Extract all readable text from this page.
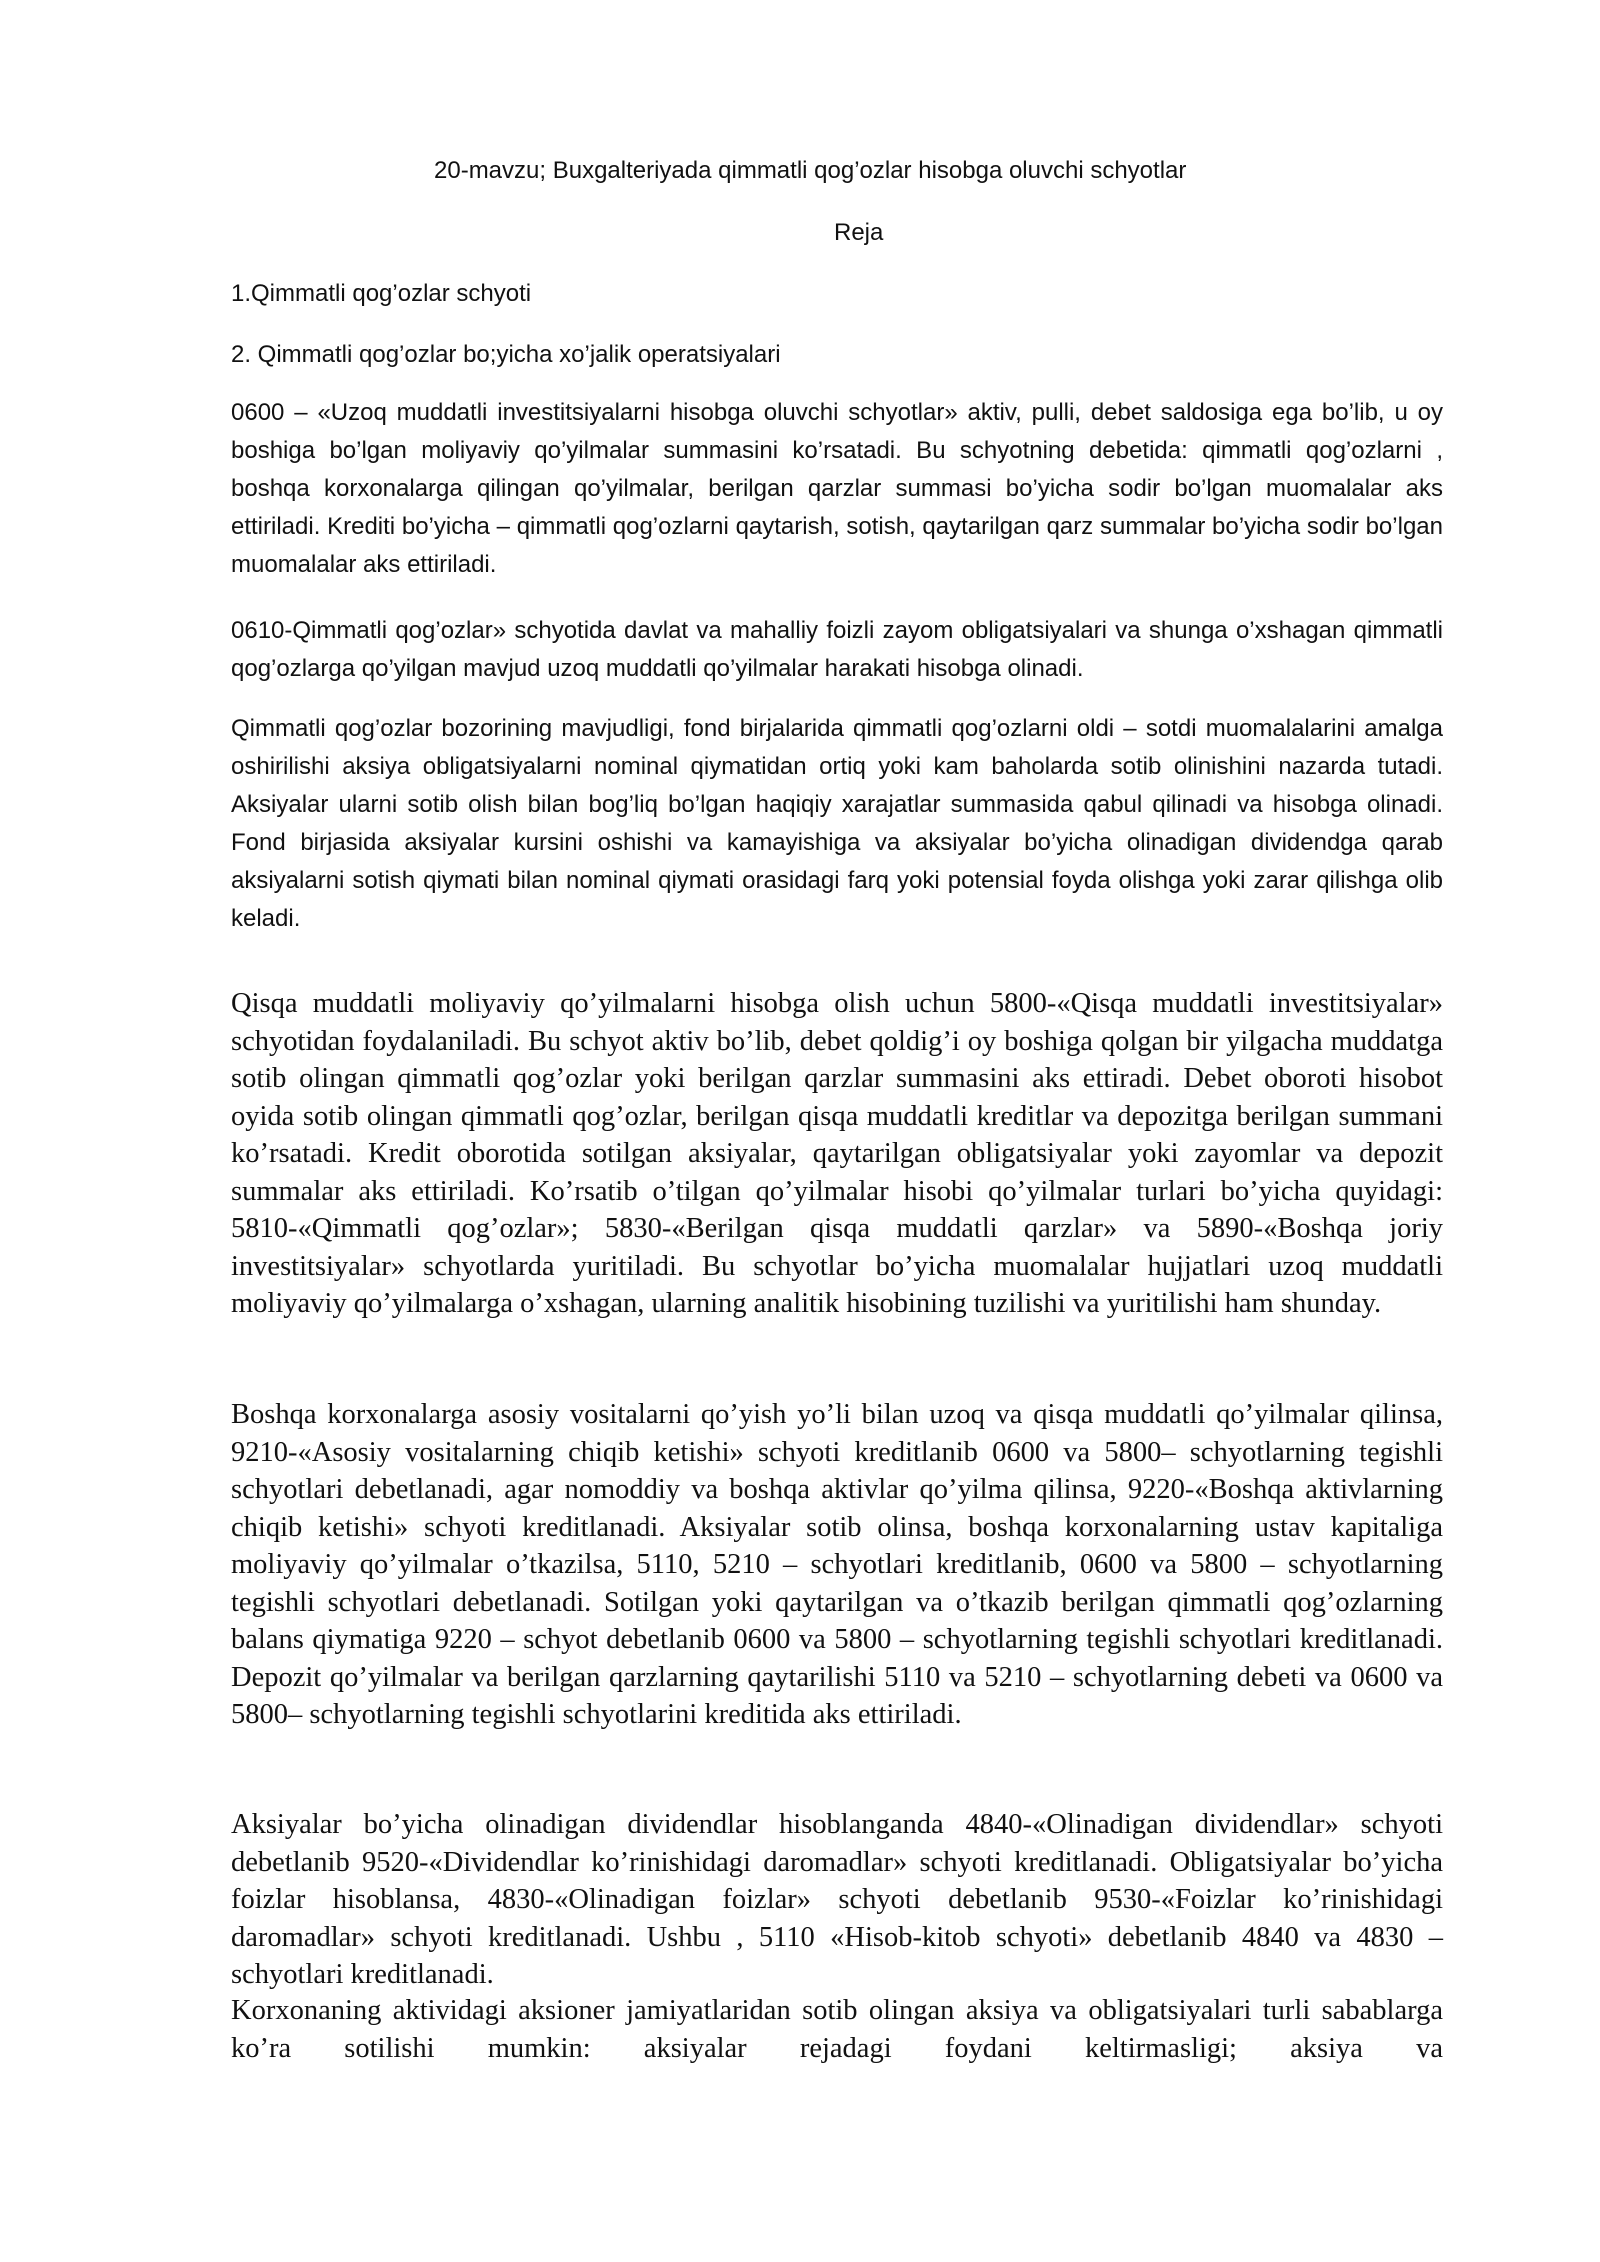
20-mavzu; Buxgalteriyada qimmatli qog’ozlar hisobga oluvchi schyotlar
Reja
1.Qimmatli qog’ozlar schyoti
2. Qimmatli qog’ozlar bo;yicha xo’jalik operatsiyalari

0600 – «Uzoq muddatli investitsiyalarni hisobga oluvchi schyotlar» aktiv, pulli, debet saldosiga ega bo’lib, u oy boshiga bo’lgan moliyaviy qo’yilmalar summasini ko’rsatadi. Bu schyotning debetida: qimmatli qog’ozlarni , boshqa korxonalarga qilingan qo’yilmalar, berilgan qarzlar summasi bo’yicha sodir bo’lgan muomalalar aks ettiriladi. Krediti bo’yicha – qimmatli qog’ozlarni qaytarish, sotish, qaytarilgan qarz summalar bo’yicha sodir bo’lgan muomalalar aks ettiriladi.

0610-Qimmatli qog’ozlar» schyotida davlat va mahalliy foizli zayom obligatsiyalari va shunga o’xshagan qimmatli qog’ozlarga qo’yilgan mavjud uzoq muddatli qo’yilmalar harakati hisobga olinadi.

Qimmatli qog’ozlar bozorining mavjudligi, fond birjalarida qimmatli qog’ozlarni oldi – sotdi muomalalarini amalga oshirilishi aksiya obligatsiyalarni nominal qiymatidan ortiq yoki kam baholarda sotib olinishini nazarda tutadi. Aksiyalar ularni sotib olish bilan bog’liq bo’lgan haqiqiy xarajatlar summasida qabul qilinadi va hisobga olinadi. Fond birjasida aksiyalar kursini oshishi va kamayishiga va aksiyalar bo’yicha olinadigan dividendga qarab aksiyalarni sotish qiymati bilan nominal qiymati orasidagi farq yoki potensial foyda olishga yoki zarar qilishga olib keladi.

Qisqa muddatli moliyaviy qo’yilmalarni hisobga olish uchun 5800-«Qisqa muddatli investitsiyalar» schyotidan foydalaniladi. Bu schyot aktiv bo’lib, debet qoldig’i oy boshiga qolgan bir yilgacha muddatga sotib olingan qimmatli qog’ozlar yoki berilgan qarzlar summasini aks ettiradi. Debet oboroti hisobot oyida sotib olingan qimmatli qog’ozlar, berilgan qisqa muddatli kreditlar va depozitga berilgan summani ko’rsatadi. Kredit oborotida sotilgan aksiyalar, qaytarilgan obligatsiyalar yoki zayomlar va depozit summalar aks ettiriladi. Ko’rsatib o’tilgan qo’yilmalar hisobi qo’yilmalar turlari bo’yicha quyidagi: 5810-«Qimmatli qog’ozlar»; 5830-«Berilgan qisqa muddatli qarzlar» va 5890-«Boshqa joriy investitsiyalar» schyotlarda yuritiladi. Bu schyotlar bo’yicha muomalalar hujjatlari uzoq muddatli moliyaviy qo’yilmalarga o’xshagan, ularning analitik hisobining tuzilishi va yuritilishi ham shunday.

Boshqa korxonalarga asosiy vositalarni qo’yish yo’li bilan uzoq va qisqa muddatli qo’yilmalar qilinsa, 9210-«Asosiy vositalarning chiqib ketishi» schyoti kreditlanib 0600 va 5800– schyotlarning tegishli schyotlari debetlanadi, agar nomoddiy va boshqa aktivlar qo’yilma qilinsa, 9220-«Boshqa aktivlarning chiqib ketishi» schyoti kreditlanadi. Aksiyalar sotib olinsa, boshqa korxonalarning ustav kapitaliga moliyaviy qo’yilmalar o’tkazilsa, 5110, 5210 – schyotlari kreditlanib, 0600 va 5800 – schyotlarning tegishli schyotlari debetlanadi. Sotilgan yoki qaytarilgan va o’tkazib berilgan qimmatli qog’ozlarning balans qiymatiga 9220 – schyot debetlanib 0600 va 5800 – schyotlarning tegishli schyotlari kreditlanadi. Depozit qo’yilmalar va berilgan qarzlarning qaytarilishi 5110 va 5210 – schyotlarning debeti va 0600 va 5800– schyotlarning tegishli schyotlarini kreditida aks ettiriladi.

Aksiyalar bo’yicha olinadigan dividendlar hisoblanganda 4840-«Olinadigan dividendlar» schyoti debetlanib 9520-«Dividendlar ko’rinishidagi daromadlar» schyoti kreditlanadi. Obligatsiyalar bo’yicha foizlar hisoblansa, 4830-«Olinadigan foizlar» schyoti debetlanib 9530-«Foizlar ko’rinishidagi daromadlar» schyoti kreditlanadi. Ushbu , 5110 «Hisob-kitob schyoti» debetlanib 4840 va 4830 – schyotlari kreditlanadi.

Korxonaning aktividagi aksioner jamiyatlaridan sotib olingan aksiya va obligatsiyalari turli sabablarga ko’ra sotilishi mumkin: aksiyalar rejadagi foydani keltirmasligi; aksiya va
